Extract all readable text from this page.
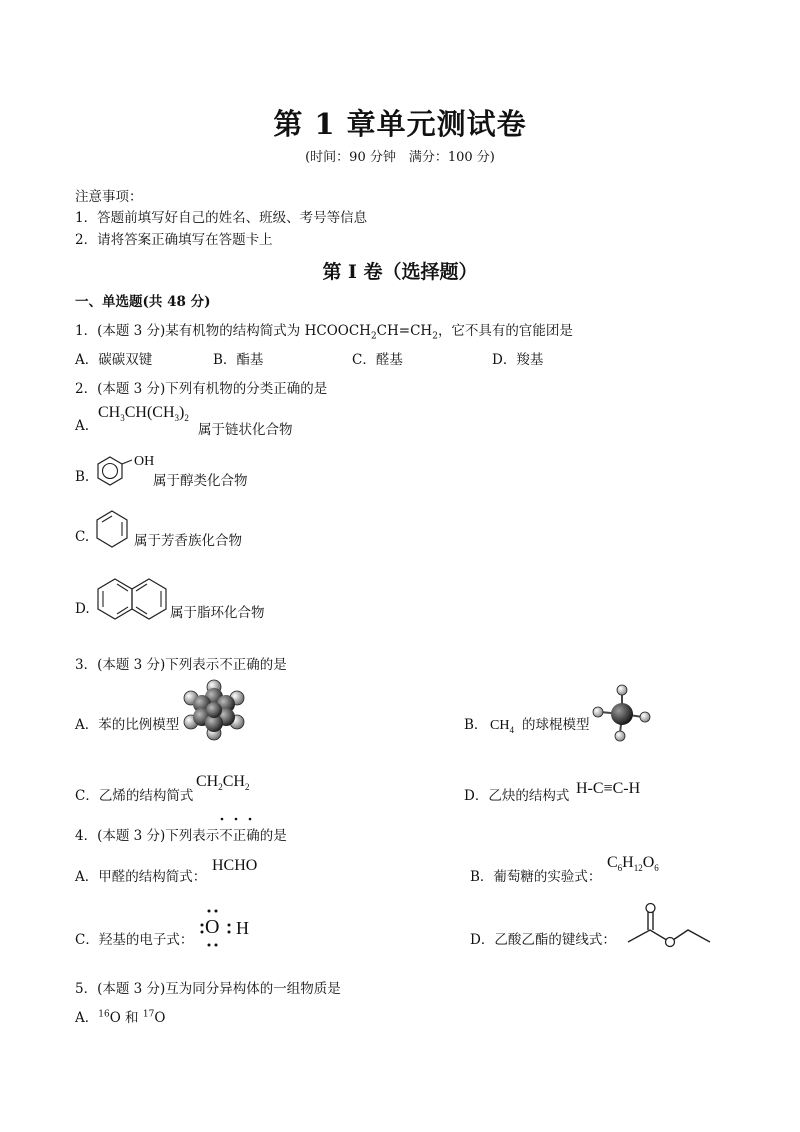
第 1 章单元测试卷
(时间：90 分钟　满分：100 分)
注意事项：
1．答题前填写好自己的姓名、班级、考号等信息
2．请将答案正确填写在答题卡上
第 I 卷（选择题）
一、单选题(共 48 分)
1．(本题 3 分)某有机物的结构简式为 $HCOOCH_2CH=CH_2$，它不具有的官能团是
A．碳碳双键	B．酯基	C．醛基	D．羧基
2．(本题 3 分)下列有机物的分类正确的是
A.
$CH_3CH(CH_3)_2$
属于链状化合物
B.
OH
属于醇类化合物
C.	属于芳香族化合物
D.	属于脂环化合物
3．(本题 3 分)下列表示不正确的是
A．苯的比例模型	B． $CH_4$ 的球棍模型
C．乙烯的结构简式
$CH_2CH_2$
D．乙炔的结构式 H-C≡C-H
4．(本题 3 分)下列表示不正确的是
A．甲醛的结构简式：
HCHO
B．葡萄糖的实验式：
$C_6H_{12}O_6$
C．羟基的电子式：
O H
D．乙酸乙酯的键线式：
5．(本题 3 分)互为同分异构体的一组物质是
A．$^{16}$O 和 $^{17}$O
